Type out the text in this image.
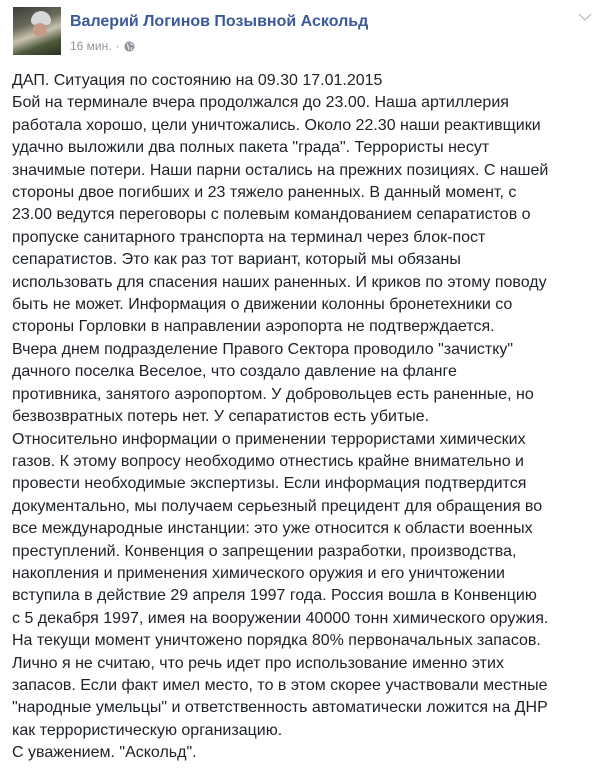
Валерий Логинов Позывной Аскольд
16 мин. ·
ДАП. Ситуация по состоянию на 09.30 17.01.2015
Бой на терминале вчера продолжался до 23.00. Наша артиллерия
работала хорошо, цели уничтожались. Около 22.30 наши реактивщики
удачно выложили два полных пакета "града". Террористы несут
значимые потери. Наши парни остались на прежних позициях. С нашей
стороны двое погибших и 23 тяжело раненных. В данный момент, с
23.00 ведутся переговоры с полевым командованием сепаратистов о
пропуске санитарного транспорта на терминал через блок-пост
сепаратистов. Это как раз тот вариант, который мы обязаны
использовать для спасения наших раненных. И криков по этому поводу
быть не может. Информация о движении колонны бронетехники со
стороны Горловки в направлении аэропорта не подтверждается.
Вчера днем подразделение Правого Сектора проводило "зачистку"
дачного поселка Веселое, что создало давление на фланге
противника, занятого аэропортом. У добровольцев есть раненные, но
безвозвратных потерь нет. У сепаратистов есть убитые.
Относительно информации о применении террористами химических
газов. К этому вопросу необходимо отнестись крайне внимательно и
провести необходимые экспертизы. Если информация подтвердится
документально, мы получаем серьезный прецидент для обращения во
все международные инстанции: это уже относится к области военных
преступлений. Конвенция о запрещении разработки, производства,
накопления и применения химического оружия и его уничтожении
вступила в действие 29 апреля 1997 года. Россия вошла в Конвенцию
с 5 декабря 1997, имея на вооружении 40000 тонн химического оружия.
На текущи момент уничтожено порядка 80% первоначальных запасов.
Лично я не считаю, что речь идет про использование именно этих
запасов. Если факт имел место, то в этом скорее участвовали местные
"народные умельцы" и ответственность автоматически ложится на ДНР
как террористическую организацию.
С уважением. "Аскольд".
